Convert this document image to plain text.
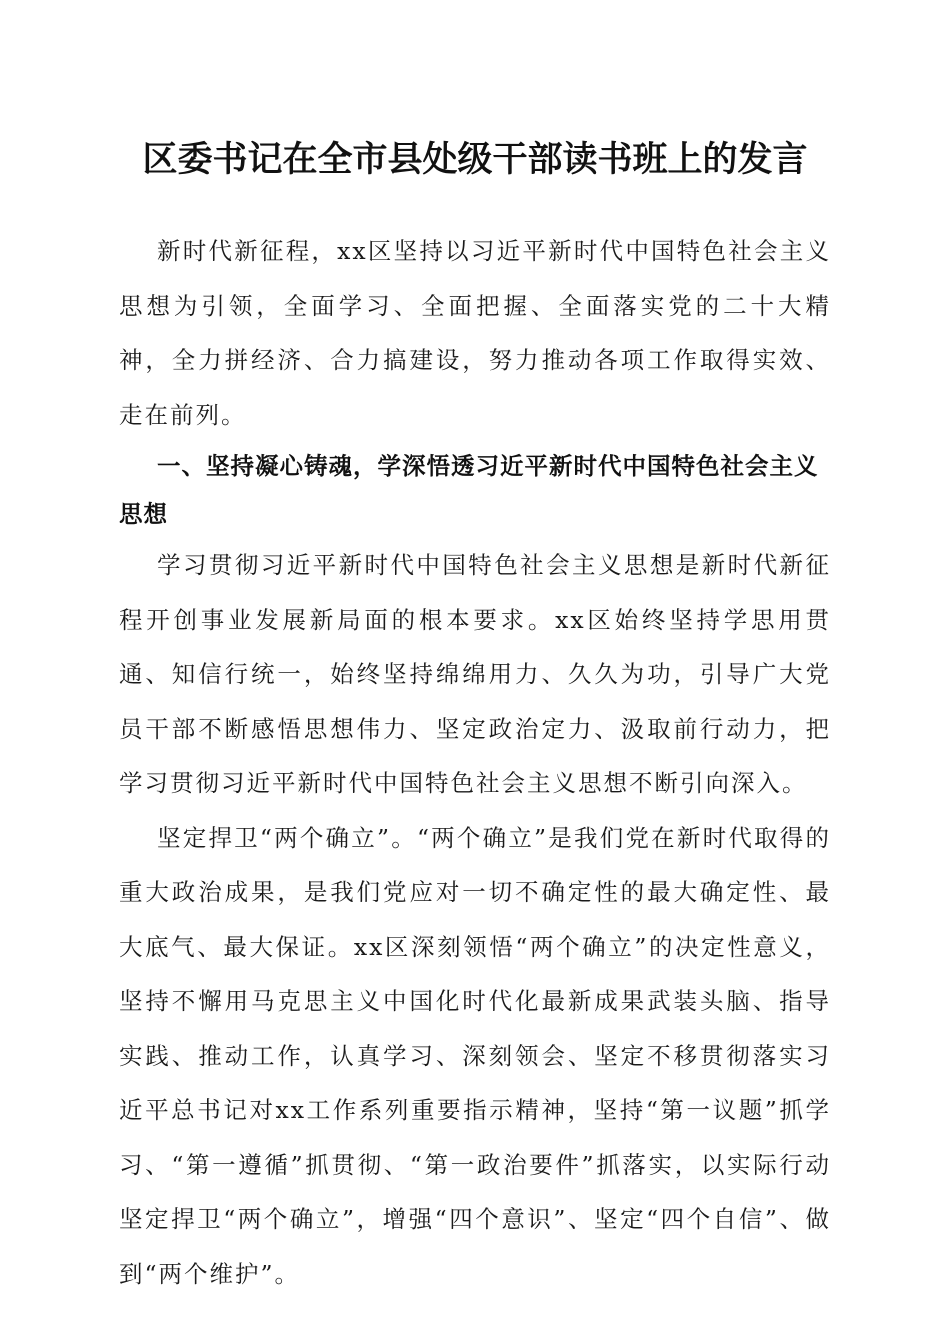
区委书记在全市县处级干部读书班上的发言

新时代新征程，xx区坚持以习近平新时代中国特色社会主义思想为引领，全面学习、全面把握、全面落实党的二十大精神，全力拼经济、合力搞建设，努力推动各项工作取得实效、走在前列。

一、坚持凝心铸魂，学深悟透习近平新时代中国特色社会主义思想

学习贯彻习近平新时代中国特色社会主义思想是新时代新征程开创事业发展新局面的根本要求。xx区始终坚持学思用贯通、知信行统一，始终坚持绵绵用力、久久为功，引导广大党员干部不断感悟思想伟力、坚定政治定力、汲取前行动力，把学习贯彻习近平新时代中国特色社会主义思想不断引向深入。

坚定捍卫“两个确立”。“两个确立”是我们党在新时代取得的重大政治成果，是我们党应对一切不确定性的最大确定性、最大底气、最大保证。xx区深刻领悟“两个确立”的决定性意义，坚持不懈用马克思主义中国化时代化最新成果武装头脑、指导实践、推动工作，认真学习、深刻领会、坚定不移贯彻落实习近平总书记对xx工作系列重要指示精神，坚持“第一议题”抓学习、“第一遵循”抓贯彻、“第一政治要件”抓落实，以实际行动坚定捍卫“两个确立”，增强“四个意识”、坚定“四个自信”、做到“两个维护”。
